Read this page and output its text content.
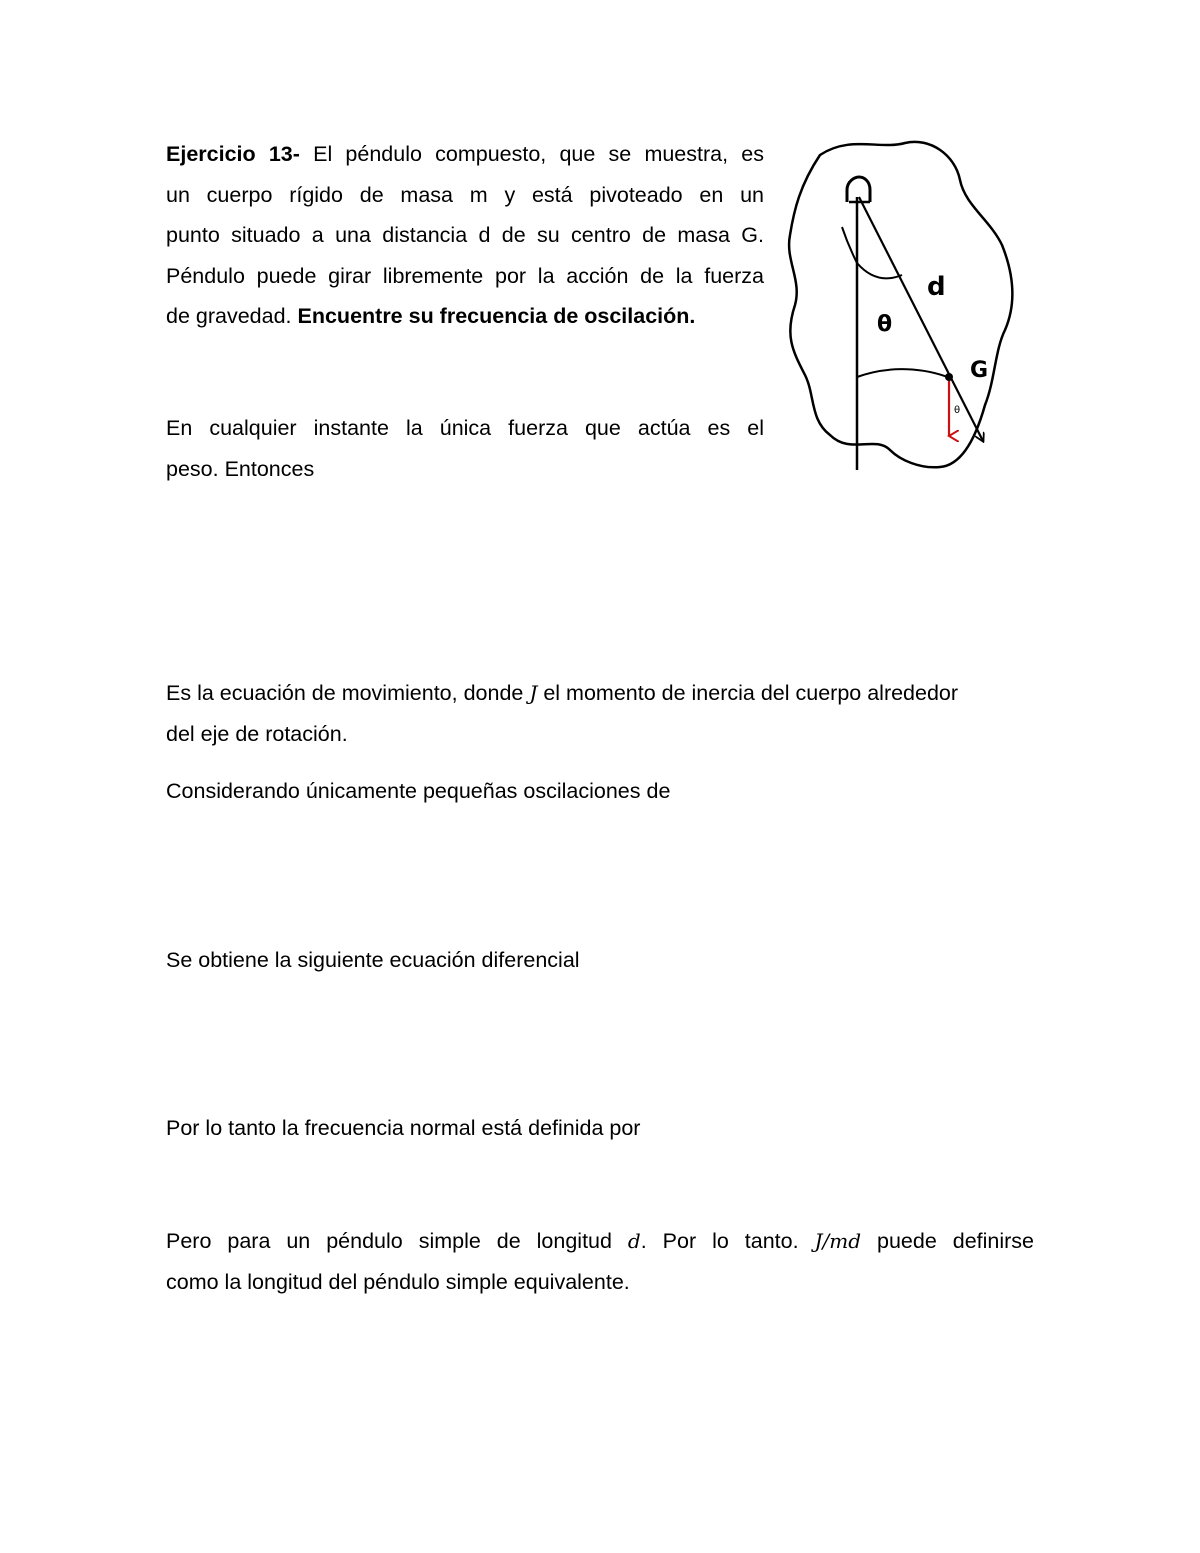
Ejercicio 13- El péndulo compuesto, que se muestra, es
un cuerpo rígido de masa m y está pivoteado en un
punto situado a una distancia d de su centro de masa G.
Péndulo puede girar libremente por la acción de la fuerza
de gravedad. Encuentre su frecuencia de oscilación.
En cualquier instante la única fuerza que actúa es el
peso. Entonces
Es la ecuación de movimiento, donde J el momento de inercia del cuerpo alrededor
del eje de rotación.
Considerando únicamente pequeñas oscilaciones de
Se obtiene la siguiente ecuación diferencial
Por lo tanto la frecuencia normal está definida por
Pero para un péndulo simple de longitud d. Por lo tanto. J/md puede definirse
como la longitud del péndulo simple equivalente.
d
θ
G
θ
